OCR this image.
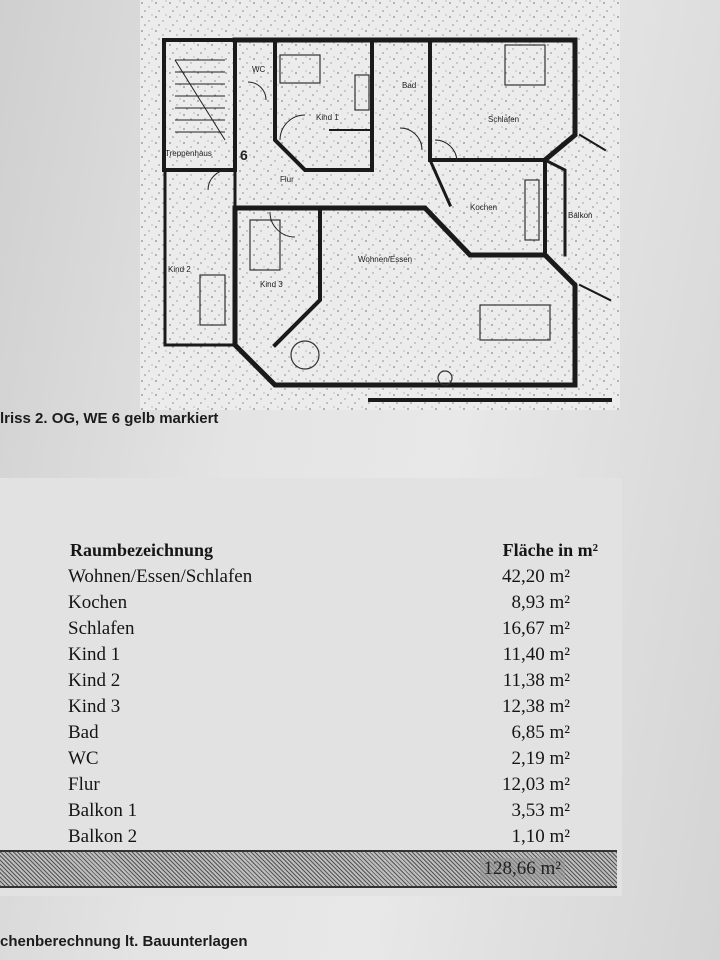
WC
Kind 1
Bad
Schlafen
Treppenhaus 6
Flur
Kochen
Balkon
Wohnen/Essen
Kind 2
Kind 3
lriss 2. OG, WE 6 gelb markiert
Raumbezeichnung	Fläche in m²
Wohnen/Essen/Schlafen	42,20 m²
Kochen	8,93 m²
Schlafen	16,67 m²
Kind 1	11,40 m²
Kind 2	11,38 m²
Kind 3	12,38 m²
Bad	6,85 m²
WC	2,19 m²
Flur	12,03 m²
Balkon 1	3,53 m²
Balkon 2	1,10 m²
128,66 m²
chenberechnung lt. Bauunterlagen
